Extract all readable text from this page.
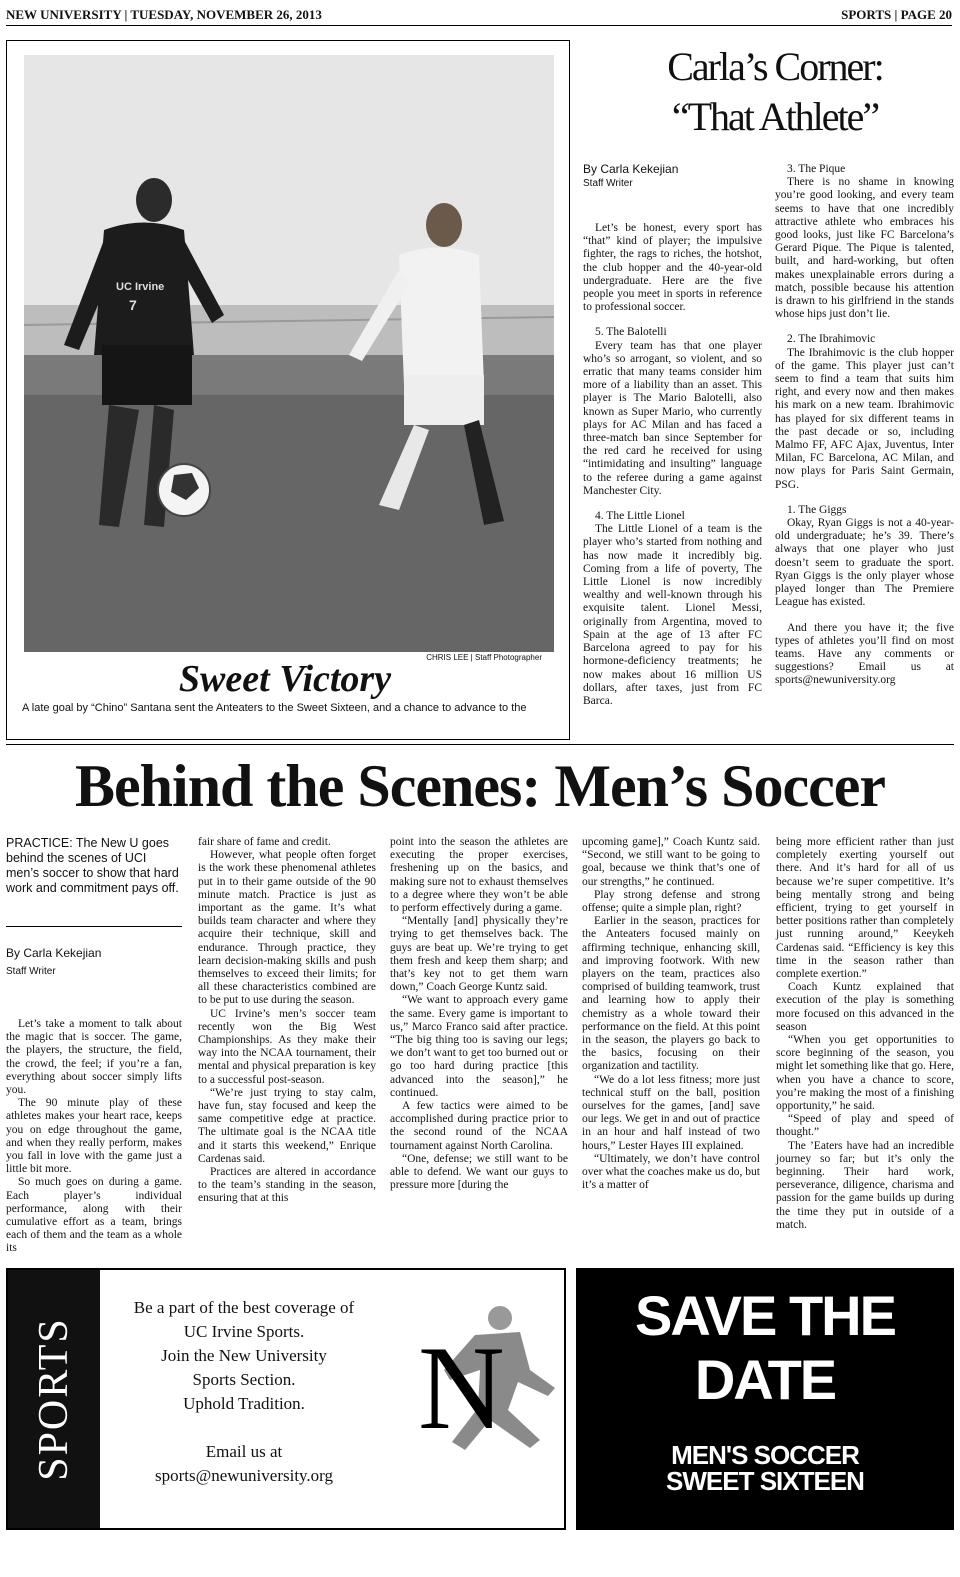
NEW UNIVERSITY | TUESDAY, NOVEMBER 26, 2013	SPORTS | PAGE 20
UC Irvine
7
CHRIS LEE | Staff Photographer
Sweet Victory
A late goal by “Chino” Santana sent the Anteaters to the Sweet Sixteen, and a chance to advance to the
Carla’s Corner:
“That Athlete”
By Carla Kekejian
Staff Writer

Let’s be honest, every sport has “that” kind of player; the impulsive fighter, the rags to riches, the hotshot, the club hopper and the 40-year-old undergraduate. Here are the five people you meet in sports in reference to professional soccer.

5. The Balotelli

Every team has that one player who’s so arrogant, so violent, and so erratic that many teams consider him more of a liability than an asset. This player is The Mario Balotelli, also known as Super Mario, who currently plays for AC Milan and has faced a three-match ban since September for the red card he received for using “intimidating and insulting” language to the referee during a game against Manchester City.

4. The Little Lionel

The Little Lionel of a team is the player who’s started from nothing and has now made it incredibly big. Coming from a life of poverty, The Little Lionel is now incredibly wealthy and well-known through his exquisite talent. Lionel Messi, originally from Argentina, moved to Spain at the age of 13 after FC Barcelona agreed to pay for his hormone-deficiency treatments; he now makes about 16 million US dollars, after taxes, just from FC Barca.

3. The Pique

There is no shame in knowing you’re good looking, and every team seems to have that one incredibly attractive athlete who embraces his good looks, just like FC Barcelona’s Gerard Pique. The Pique is talented, built, and hard-working, but often makes unexplainable errors during a match, possible because his attention is drawn to his girlfriend in the stands whose hips just don’t lie.

2. The Ibrahimovic

The Ibrahimovic is the club hopper of the game. This player just can’t seem to find a team that suits him right, and every now and then makes his mark on a new team. Ibrahimovic has played for six different teams in the past decade or so, including Malmo FF, AFC Ajax, Juventus, Inter Milan, FC Barcelona, AC Milan, and now plays for Paris Saint Germain, PSG.

1. The Giggs

Okay, Ryan Giggs is not a 40-year-old undergraduate; he’s 39. There’s always that one player who just doesn’t seem to graduate the sport. Ryan Giggs is the only player whose played longer than The Premiere League has existed.

And there you have it; the five types of athletes you’ll find on most teams. Have any comments or suggestions? Email us at sports@newuniversity.org

Behind the Scenes: Men’s Soccer
PRACTICE: The New U goes behind the scenes of UCI men’s soccer to show that hard work and commitment pays off.
By Carla Kekejian
Staff Writer

Let’s take a moment to talk about the magic that is soccer. The game, the players, the structure, the field, the crowd, the feel; if you’re a fan, everything about soccer simply lifts you.

The 90 minute play of these athletes makes your heart race, keeps you on edge throughout the game, and when they really perform, makes you fall in love with the game just a little bit more.

So much goes on during a game. Each player’s individual performance, along with their cumulative effort as a team, brings each of them and the team as a whole its

fair share of fame and credit.

However, what people often forget is the work these phenomenal athletes put in to their game outside of the 90 minute match. Practice is just as important as the game. It’s what builds team character and where they acquire their technique, skill and endurance. Through practice, they learn decision-making skills and push themselves to exceed their limits; for all these characteristics combined are to be put to use during the season.

UC Irvine’s men’s soccer team recently won the Big West Championships. As they make their way into the NCAA tournament, their mental and physical preparation is key to a successful post-season.

“We’re just trying to stay calm, have fun, stay focused and keep the same competitive edge at practice. The ultimate goal is the NCAA title and it starts this weekend,” Enrique Cardenas said.

Practices are altered in accordance to the team’s standing in the season, ensuring that at this

point into the season the athletes are executing the proper exercises, freshening up on the basics, and making sure not to exhaust themselves to a degree where they won’t be able to perform effectively during a game.

“Mentally [and] physically they’re trying to get themselves back. The guys are beat up. We’re trying to get them fresh and keep them sharp; and that’s key not to get them warn down,” Coach George Kuntz said.

“We want to approach every game the same. Every game is important to us,” Marco Franco said after practice. “The big thing too is saving our legs; we don’t want to get too burned out or go too hard during practice [this advanced into the season],” he continued.

A few tactics were aimed to be accomplished during practice prior to the second round of the NCAA tournament against North Carolina.

“One, defense; we still want to be able to defend. We want our guys to pressure more [during the

upcoming game],” Coach Kuntz said. “Second, we still want to be going to goal, because we think that’s one of our strengths,” he continued.

Play strong defense and strong offense; quite a simple plan, right?

Earlier in the season, practices for the Anteaters focused mainly on affirming technique, enhancing skill, and improving footwork. With new players on the team, practices also comprised of building teamwork, trust and learning how to apply their chemistry as a whole toward their performance on the field. At this point in the season, the players go back to the basics, focusing on their organization and tactility.

“We do a lot less fitness; more just technical stuff on the ball, position ourselves for the games, [and] save our legs. We get in and out of practice in an hour and half instead of two hours,” Lester Hayes III explained.

“Ultimately, we don’t have control over what the coaches make us do, but it’s a matter of

being more efficient rather than just completely exerting yourself out there. And it’s hard for all of us because we’re super competitive. It’s being mentally strong and being efficient, trying to get yourself in better positions rather than completely just running around,” Keeykeh Cardenas said. “Efficiency is key this time in the season rather than complete exertion.”

Coach Kuntz explained that execution of the play is something more focused on this advanced in the season

“When you get opportunities to score beginning of the season, you might let something like that go. Here, when you have a chance to score, you’re making the most of a finishing opportunity,” he said.

“Speed of play and speed of thought.”

The ’Eaters have had an incredible journey so far; but it’s only the beginning. Their hard work, perseverance, diligence, charisma and passion for the game builds up during the time they put in outside of a match.

SPORTS
Be a part of the best coverage of
UC Irvine Sports.
Join the New University
Sports Section.
Uphold Tradition.
Email us at
sports@newuniversity.org
N
SAVE THE DATE
MEN'S SOCCER
SWEET SIXTEEN
(12) UCI AT (5) MARYLAND
SUNDAY, DECEMBER 1ST
